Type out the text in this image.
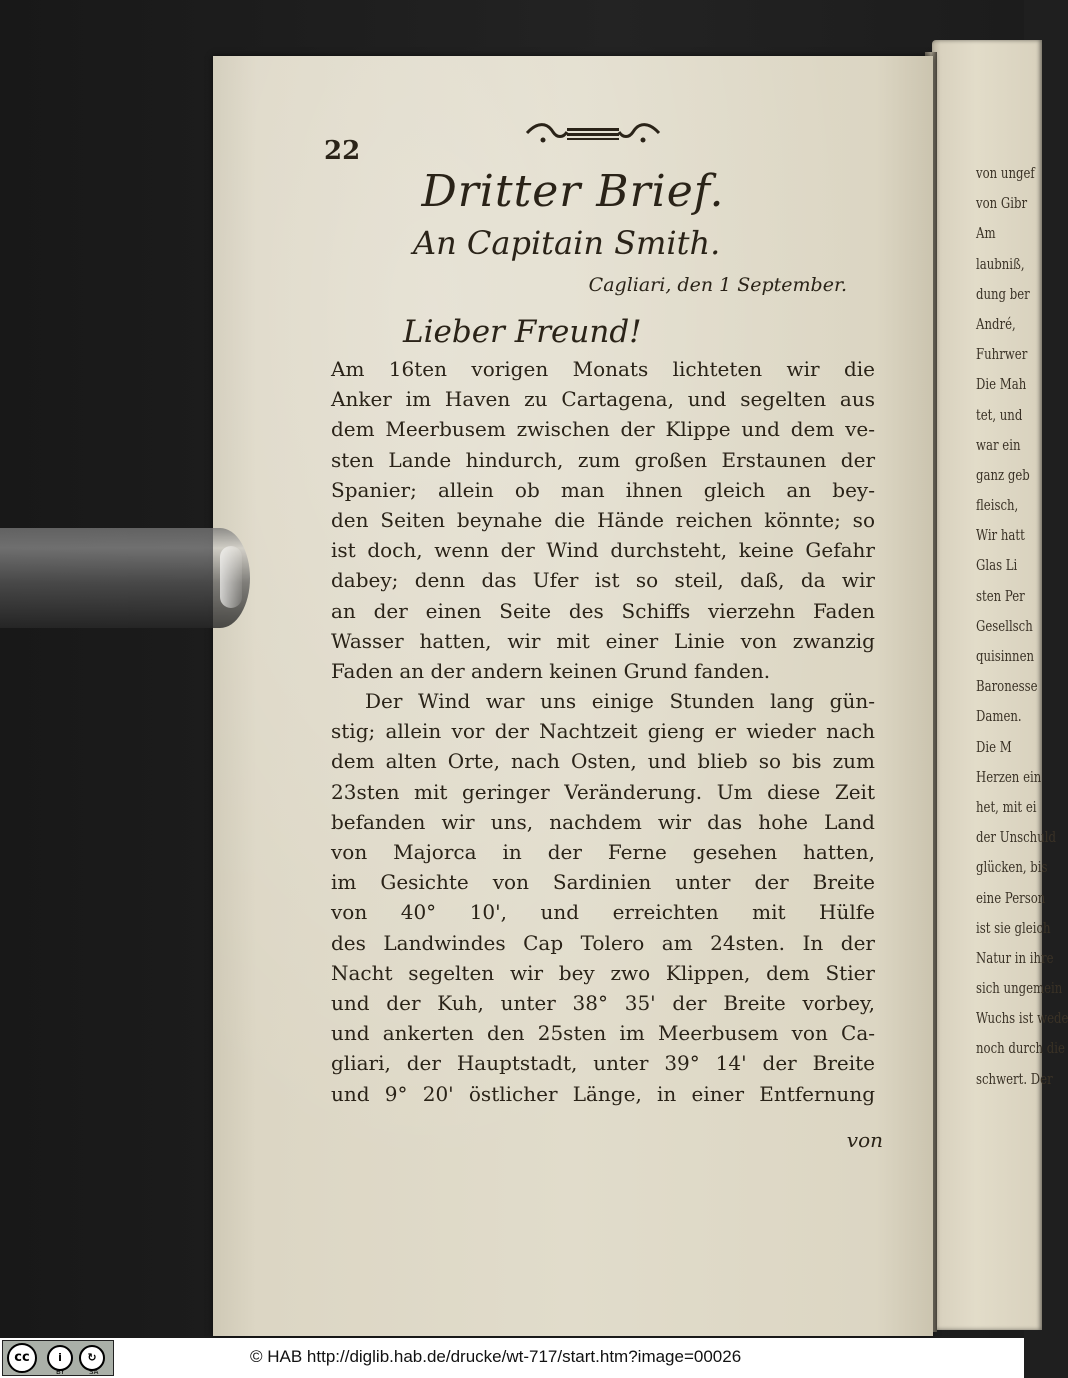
von ungef
von Gibr
Am
laubniß,
dung ber
André,
Fuhrwer
Die Mah
tet, und
war ein
ganz geb
fleisch,
Wir hatt
Glas Li
sten Per
Gesellsch
quisinnen
Baronesse
Damen.
Die M
Herzen ein
het, mit ei
der Unschuld
glücken, bis
eine Person
ist sie gleich
Natur in ihre
sich ungemein
Wuchs ist wede
noch durch die
schwert. Der
22
Dritter Brief.
An Capitain Smith.
Cagliari, den 1 September.
Lieber Freund!
Am 16ten vorigen Monats lichteten wir die
Anker im Haven zu Cartagena, und segelten aus
dem Meerbusem zwischen der Klippe und dem ve-
sten Lande hindurch, zum großen Erstaunen der
Spanier; allein ob man ihnen gleich an bey-
den Seiten beynahe die Hände reichen könnte; so
ist doch, wenn der Wind durchsteht, keine Gefahr
dabey; denn das Ufer ist so steil, daß, da wir
an der einen Seite des Schiffs vierzehn Faden
Wasser hatten, wir mit einer Linie von zwanzig
Faden an der andern keinen Grund fanden.
Der Wind war uns einige Stunden lang gün-
stig; allein vor der Nachtzeit gieng er wieder nach
dem alten Orte, nach Osten, und blieb so bis zum
23sten mit geringer Veränderung. Um diese Zeit
befanden wir uns, nachdem wir das hohe Land
von Majorca in der Ferne gesehen hatten,
im Gesichte von Sardinien unter der Breite
von 40° 10', und erreichten mit Hülfe
des Landwindes Cap Tolero am 24sten. In der
Nacht segelten wir bey zwo Klippen, dem Stier
und der Kuh, unter 38° 35' der Breite vorbey,
und ankerten den 25sten im Meerbusem von Ca-
gliari, der Hauptstadt, unter 39° 14' der Breite
und 9° 20' östlicher Länge, in einer Entfernung
von
cc	i	↻
BY	SA
© HAB http://diglib.hab.de/drucke/wt-717/start.htm?image=00026
